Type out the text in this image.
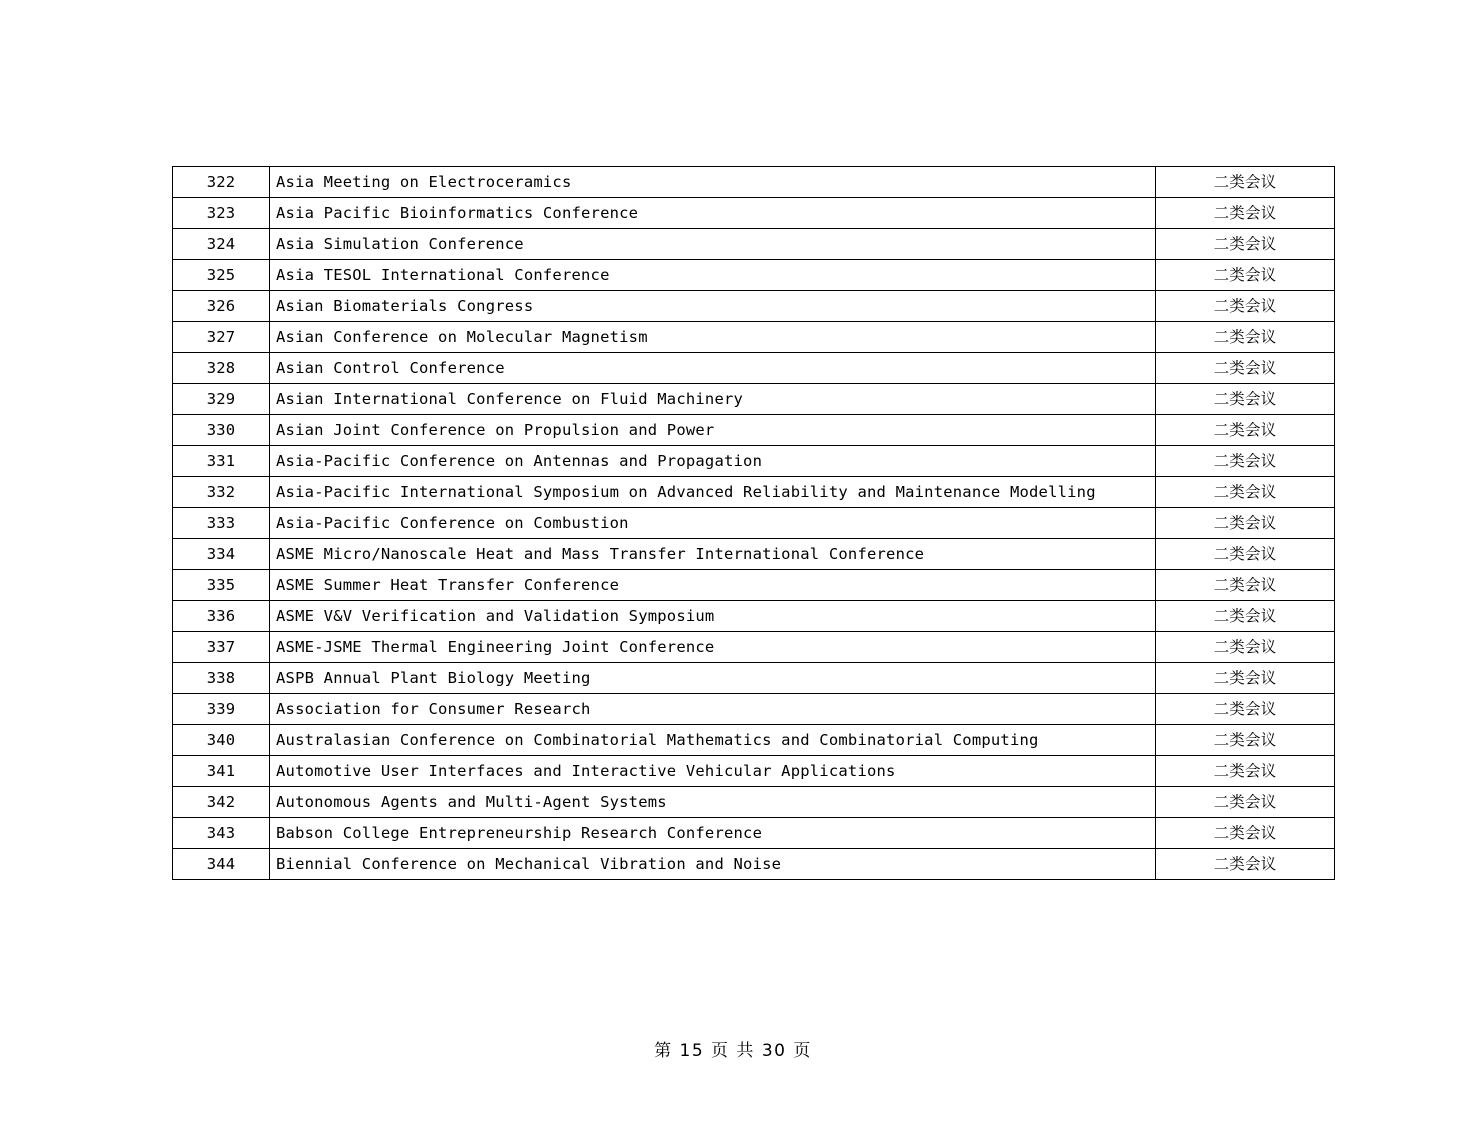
322	Asia Meeting on Electroceramics	二类会议
323	Asia Pacific Bioinformatics Conference	二类会议
324	Asia Simulation Conference	二类会议
325	Asia TESOL International Conference	二类会议
326	Asian Biomaterials Congress	二类会议
327	Asian Conference on Molecular Magnetism	二类会议
328	Asian Control Conference	二类会议
329	Asian International Conference on Fluid Machinery	二类会议
330	Asian Joint Conference on Propulsion and Power	二类会议
331	Asia-Pacific Conference on Antennas and Propagation	二类会议
332	Asia-Pacific International Symposium on Advanced Reliability and Maintenance Modelling	二类会议
333	Asia-Pacific Conference on Combustion	二类会议
334	ASME Micro/Nanoscale Heat and Mass Transfer International Conference	二类会议
335	ASME Summer Heat Transfer Conference	二类会议
336	ASME V&V Verification and Validation Symposium	二类会议
337	ASME-JSME Thermal Engineering Joint Conference	二类会议
338	ASPB Annual Plant Biology Meeting	二类会议
339	Association for Consumer Research	二类会议
340	Australasian Conference on Combinatorial Mathematics and Combinatorial Computing	二类会议
341	Automotive User Interfaces and Interactive Vehicular Applications	二类会议
342	Autonomous Agents and Multi-Agent Systems	二类会议
343	Babson College Entrepreneurship Research Conference	二类会议
344	Biennial Conference on Mechanical Vibration and Noise	二类会议
第 15 页 共 30 页
